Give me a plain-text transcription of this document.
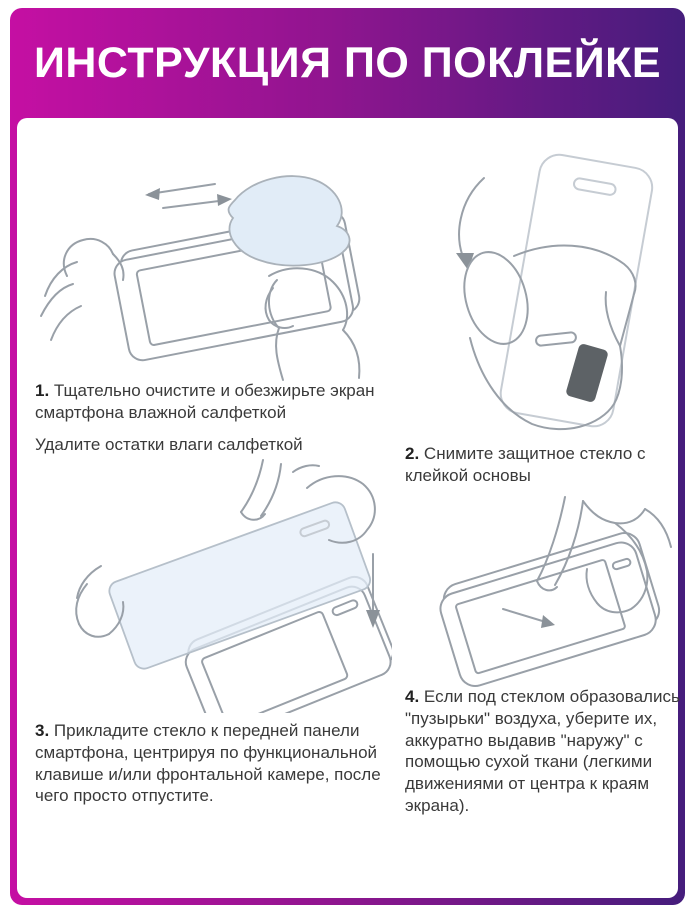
ИНСТРУКЦИЯ ПО ПОКЛЕЙКЕ

1. Тщательно очистите и обезжирьте экран смартфона влажной салфеткой

Удалите остатки влаги салфеткой	2. Снимите защитное стекло с клейкой основы

3. Прикладите стекло к передней панели смартфона, центрируя по функциональной клавише и/или фронтальной камере, после чего просто отпустите.

4. Если под стеклом образовались "пузырьки" воздуха, уберите их, аккуратно выдавив "наружу" с помощью сухой ткани (легкими движениями от центра к краям экрана).
